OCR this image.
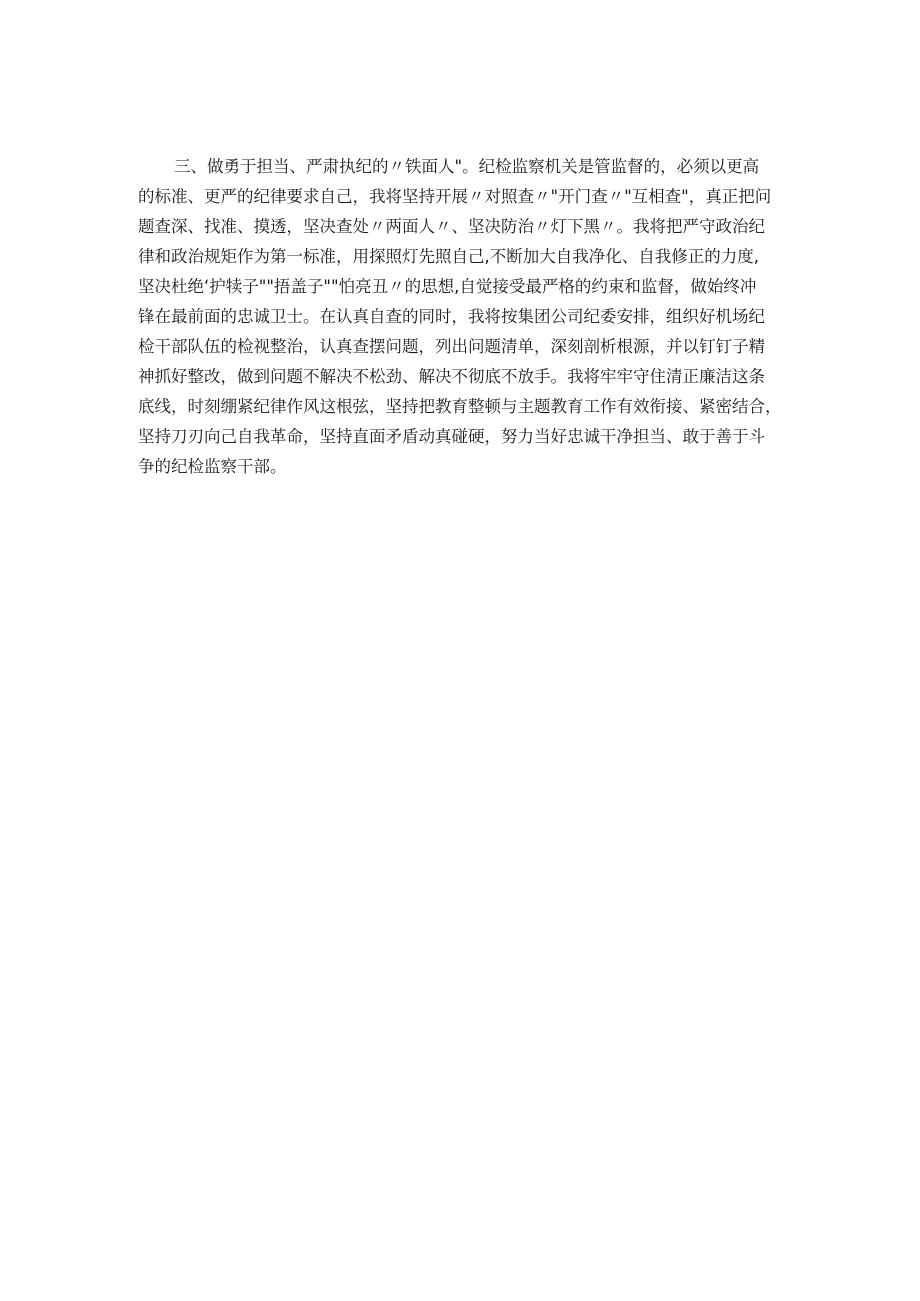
三、做勇于担当、严肃执纪的〃铁面人"。纪检监察机关是管监督的，必须以更高
的标准、更严的纪律要求自己，我将坚持开展〃对照查〃"开门查〃"互相查"，真正把问
题查深、找准、摸透，坚决查处〃两面人〃、坚决防治〃灯下黑〃。我将把严守政治纪
律和政治规矩作为第一标准，用探照灯先照自己,不断加大自我净化、自我修正的力度,
坚决杜绝‘护犊子""捂盖子""怕亮丑〃的思想,自觉接受最严格的约束和监督，做始终冲
锋在最前面的忠诚卫士。在认真自查的同时，我将按集团公司纪委安排，组织好机场纪
检干部队伍的检视整治，认真查摆问题，列出问题清单，深刻剖析根源，并以钉钉子精
神抓好整改，做到问题不解决不松劲、解决不彻底不放手。我将牢牢守住清正廉洁这条
底线，时刻绷紧纪律作风这根弦，坚持把教育整顿与主题教育工作有效衔接、紧密结合，
坚持刀刃向己自我革命，坚持直面矛盾动真碰硬，努力当好忠诚干净担当、敢于善于斗
争的纪检监察干部。
